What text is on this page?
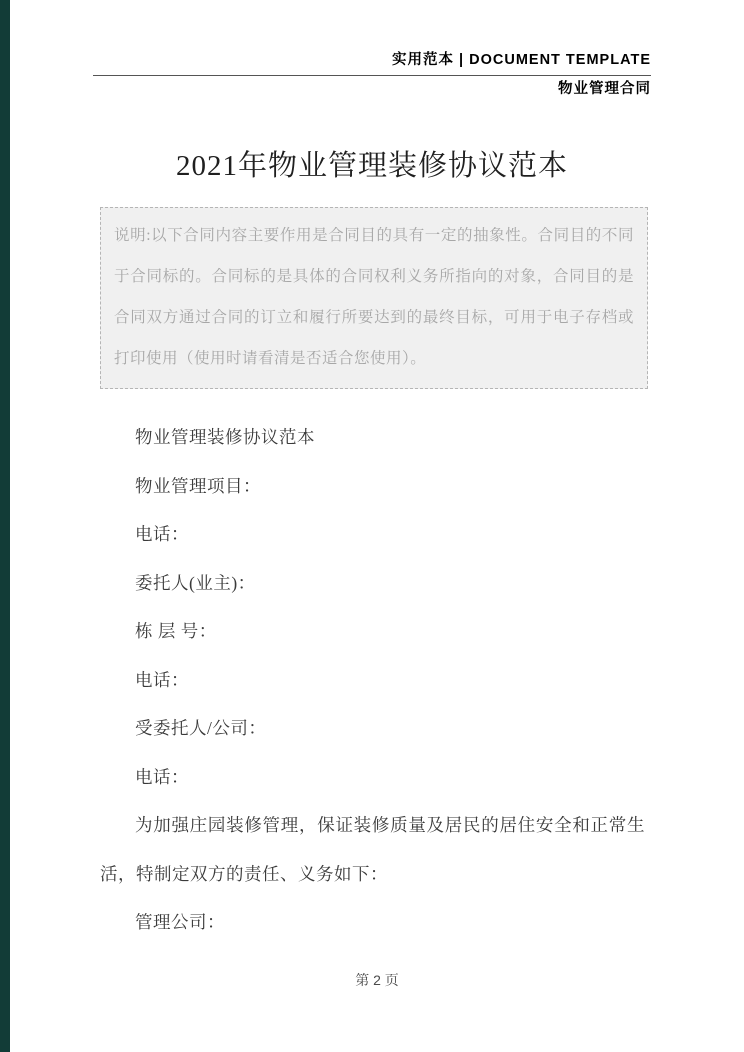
实用范本 | DOCUMENT TEMPLATE
物业管理合同
2021年物业管理装修协议范本
说明:以下合同内容主要作用是合同目的具有一定的抽象性。合同目的不同于合同标的。合同标的是具体的合同权利义务所指向的对象，合同目的是合同双方通过合同的订立和履行所要达到的最终目标，可用于电子存档或打印使用（使用时请看清是否适合您使用）。

物业管理装修协议范本

物业管理项目：

电话：

委托人(业主)：

栋 层 号：

电话：

受委托人/公司：

电话：

为加强庄园装修管理，保证装修质量及居民的居住安全和正常生活，特制定双方的责任、义务如下：

管理公司：

第 2 页
